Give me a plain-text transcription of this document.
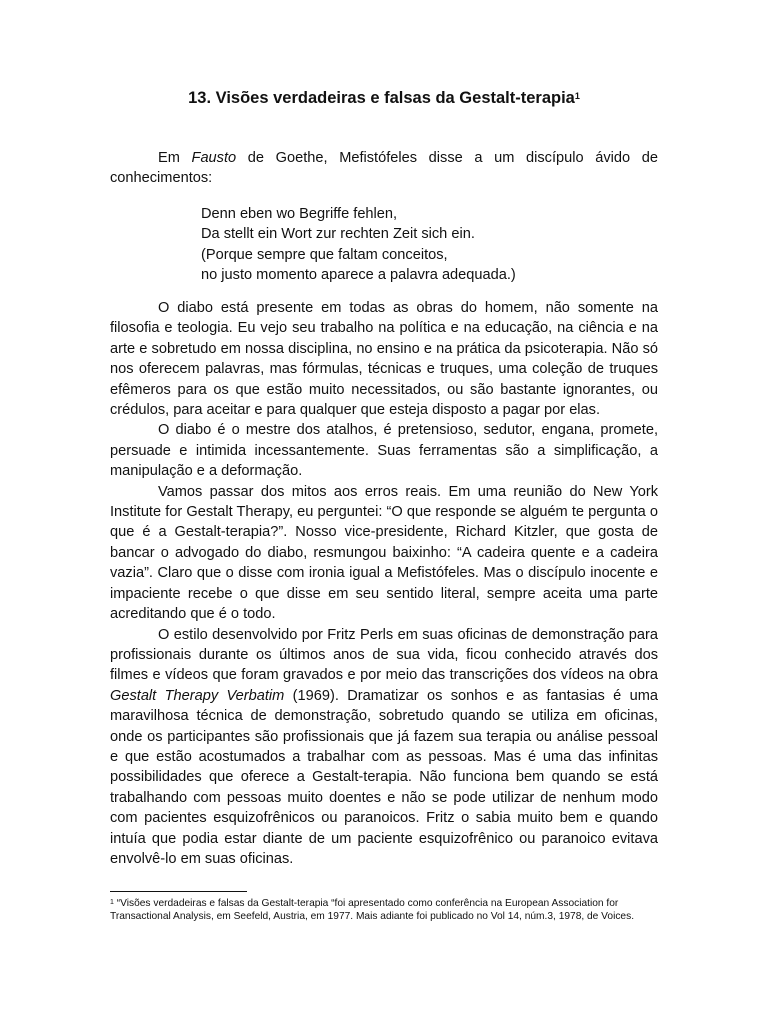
13. Visões verdadeiras e falsas da Gestalt-terapia$^1$

Em Fausto de Goethe, Mefistófeles disse a um discípulo ávido de conhecimentos:

Denn eben wo Begriffe fehlen,
Da stellt ein Wort zur rechten Zeit sich ein.
(Porque sempre que faltam conceitos,
no justo momento aparece a palavra adequada.)

O diabo está presente em todas as obras do homem, não somente na filosofia e teologia. Eu vejo seu trabalho na política e na educação, na ciência e na arte e sobretudo em nossa disciplina, no ensino e na prática da psicoterapia. Não só nos oferecem palavras, mas fórmulas, técnicas e truques, uma coleção de truques efêmeros para os que estão muito necessitados, ou são bastante ignorantes, ou crédulos, para aceitar e para qualquer que esteja disposto a pagar por elas.

O diabo é o mestre dos atalhos, é pretensioso, sedutor, engana, promete, persuade e intimida incessantemente. Suas ferramentas são a simplificação, a manipulação e a deformação.

Vamos passar dos mitos aos erros reais. Em uma reunião do New York Institute for Gestalt Therapy, eu perguntei: “O que responde se alguém te pergunta o que é a Gestalt-terapia?”. Nosso vice-presidente, Richard Kitzler, que gosta de bancar o advogado do diabo, resmungou baixinho: “A cadeira quente e a cadeira vazia”. Claro que o disse com ironia igual a Mefistófeles. Mas o discípulo inocente e impaciente recebe o que disse em seu sentido literal, sempre aceita uma parte acreditando que é o todo.

O estilo desenvolvido por Fritz Perls em suas oficinas de demonstração para profissionais durante os últimos anos de sua vida, ficou conhecido através dos filmes e vídeos que foram gravados e por meio das transcrições dos vídeos na obra Gestalt Therapy Verbatim (1969). Dramatizar os sonhos e as fantasias é uma maravilhosa técnica de demonstração, sobretudo quando se utiliza em oficinas, onde os participantes são profissionais que já fazem sua terapia ou análise pessoal e que estão acostumados a trabalhar com as pessoas. Mas é uma das infinitas possibilidades que oferece a Gestalt-terapia. Não funciona bem quando se está trabalhando com pessoas muito doentes e não se pode utilizar de nenhum modo com pacientes esquizofrênicos ou paranoicos. Fritz o sabia muito bem e quando intuía que podia estar diante de um paciente esquizofrênico ou paranoico evitava envolvê-lo em suas oficinas.

$^1$ “Visões verdadeiras e falsas da Gestalt-terapia “foi apresentado como conferência na European Association for Transactional Analysis, em Seefeld, Austria, em 1977. Mais adiante foi publicado no Vol 14, núm.3, 1978, de Voices.
